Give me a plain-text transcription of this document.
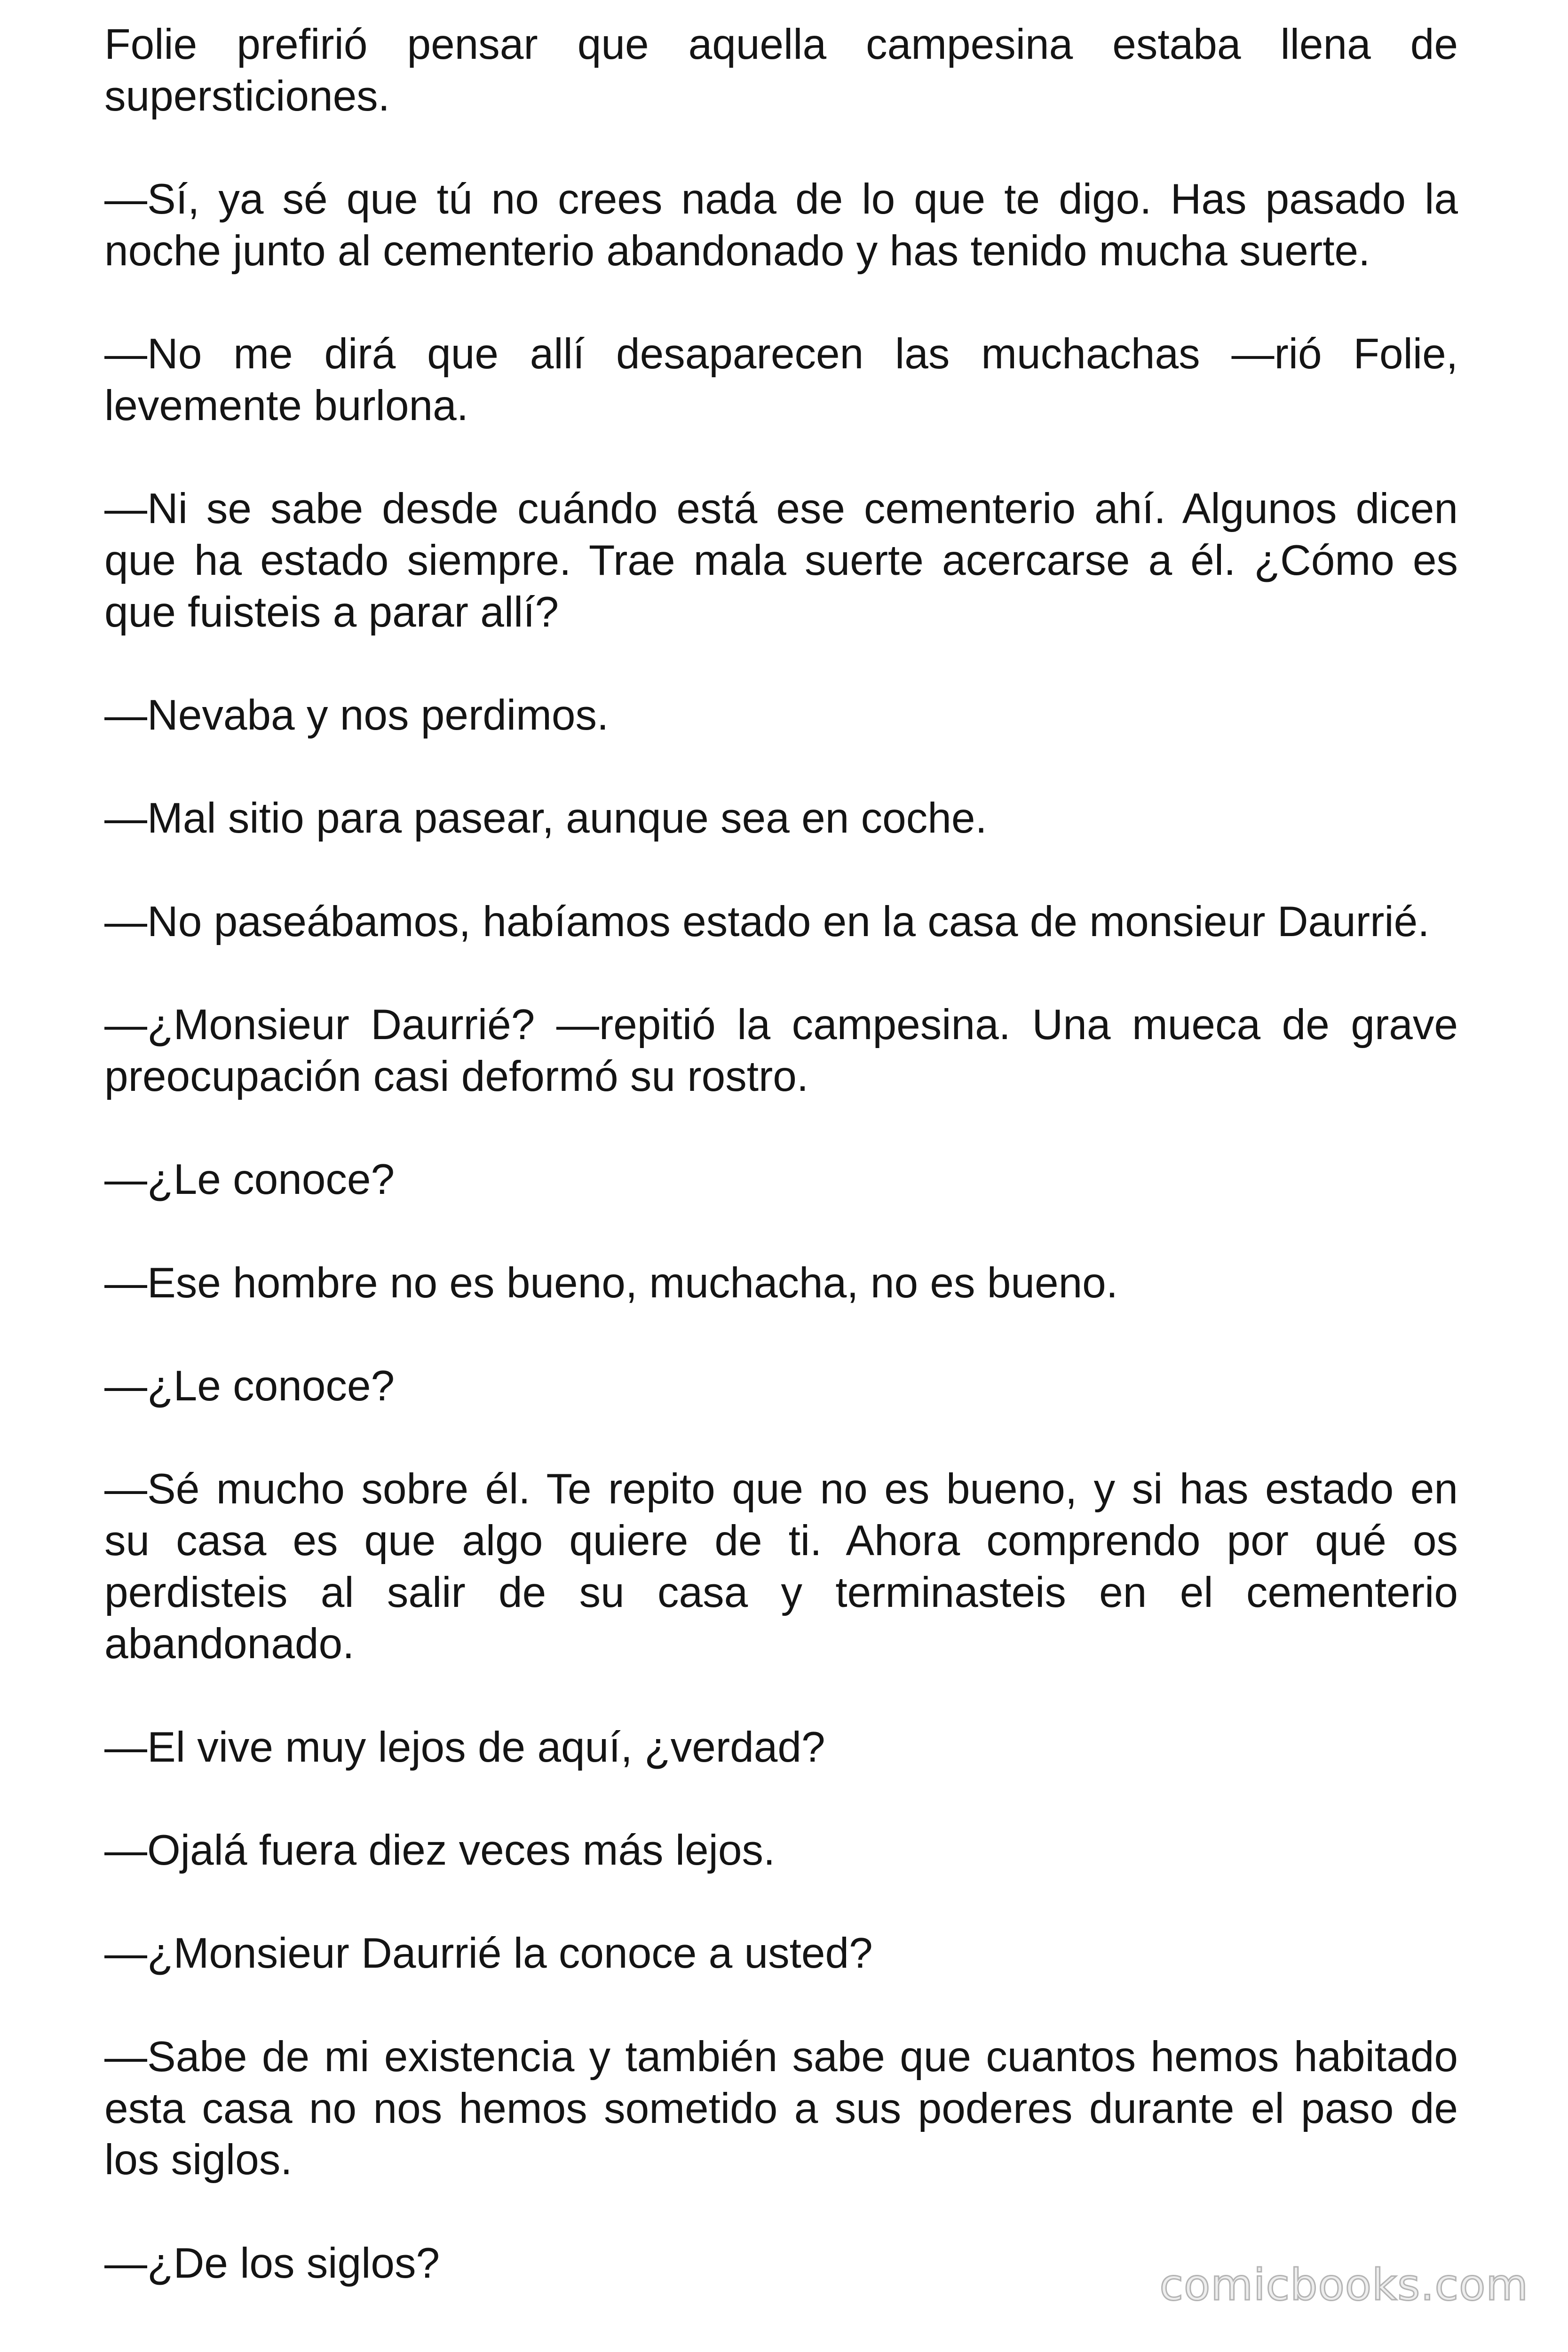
Folie prefirió pensar que aquella campesina estaba llena de
supersticiones.
—Sí, ya sé que tú no crees nada de lo que te digo. Has pasado la
noche junto al cementerio abandonado y has tenido mucha suerte.
—No me dirá que allí desaparecen las muchachas —rió Folie,
levemente burlona.
—Ni se sabe desde cuándo está ese cementerio ahí. Algunos dicen
que ha estado siempre. Trae mala suerte acercarse a él. ¿Cómo es
que fuisteis a parar allí?
—Nevaba y nos perdimos.
—Mal sitio para pasear, aunque sea en coche.
—No paseábamos, habíamos estado en la casa de monsieur Daurrié.
—¿Monsieur Daurrié? —repitió la campesina. Una mueca de grave
preocupación casi deformó su rostro.
—¿Le conoce?
—Ese hombre no es bueno, muchacha, no es bueno.
—¿Le conoce?
—Sé mucho sobre él. Te repito que no es bueno, y si has estado en
su casa es que algo quiere de ti. Ahora comprendo por qué os
perdisteis al salir de su casa y terminasteis en el cementerio
abandonado.
—El vive muy lejos de aquí, ¿verdad?
—Ojalá fuera diez veces más lejos.
—¿Monsieur Daurrié la conoce a usted?
—Sabe de mi existencia y también sabe que cuantos hemos habitado
esta casa no nos hemos sometido a sus poderes durante el paso de
los siglos.
—¿De los siglos?	comicbooks.com
